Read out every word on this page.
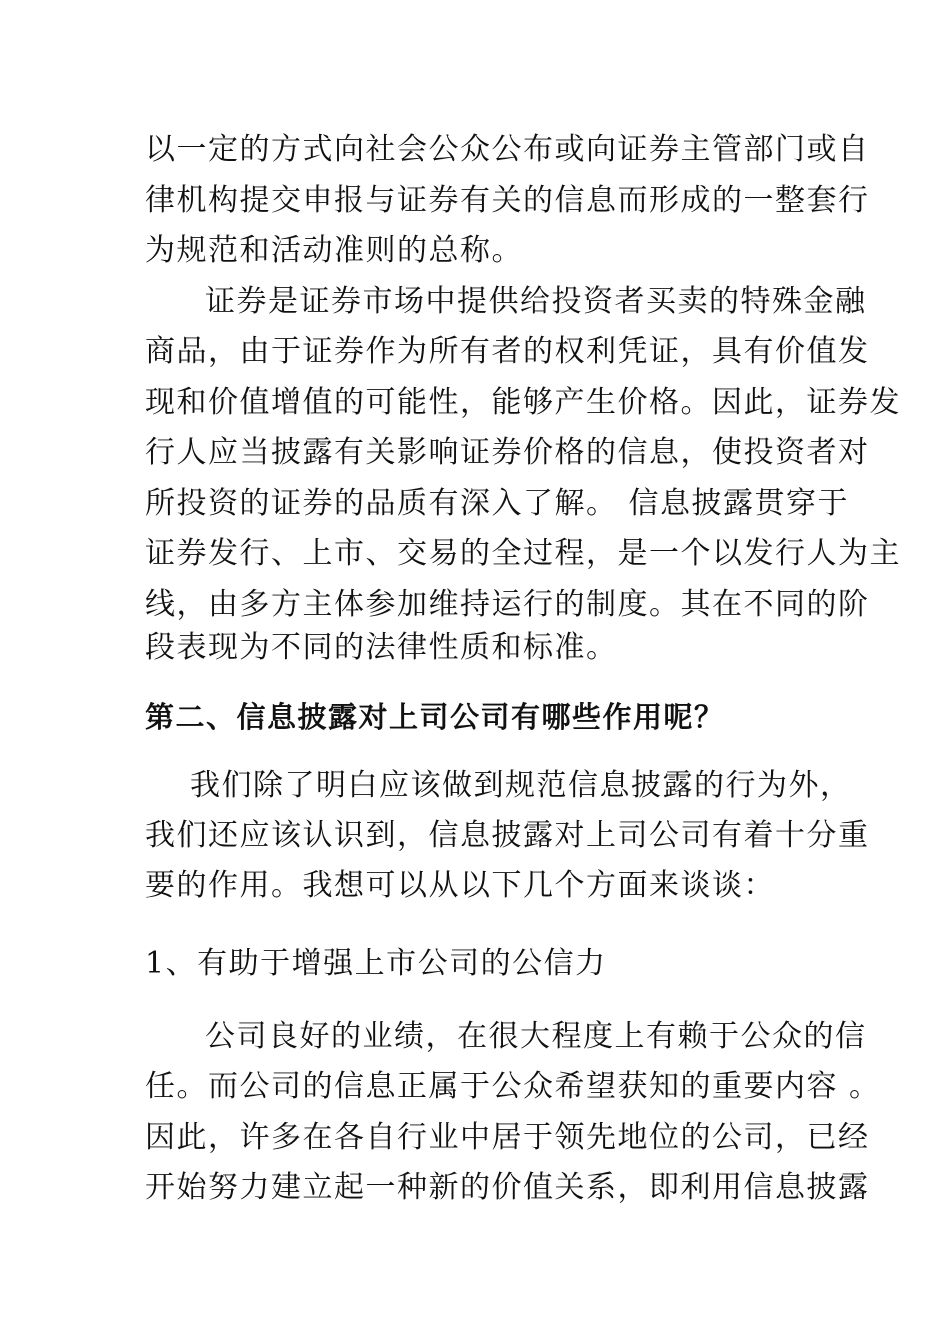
以一定的方式向社会公众公布或向证券主管部门或自
律机构提交申报与证券有关的信息而形成的一整套行
为规范和活动准则的总称。
证券是证券市场中提供给投资者买卖的特殊金融
商品，由于证券作为所有者的权利凭证，具有价值发
现和价值增值的可能性，能够产生价格。因此，证券发
行人应当披露有关影响证券价格的信息，使投资者对
所投资的证券的品质有深入了解。 信息披露贯穿于
证券发行、上市、交易的全过程，是一个以发行人为主
线，由多方主体参加维持运行的制度。其在不同的阶
段表现为不同的法律性质和标准。
第二、信息披露对上司公司有哪些作用呢？
我们除了明白应该做到规范信息披露的行为外，
我们还应该认识到，信息披露对上司公司有着十分重
要的作用。我想可以从以下几个方面来谈谈：
1、有助于增强上市公司的公信力
公司良好的业绩，在很大程度上有赖于公众的信
任。而公司的信息正属于公众希望获知的重要内容 。
因此，许多在各自行业中居于领先地位的公司，已经
开始努力建立起一种新的价值关系，即利用信息披露
